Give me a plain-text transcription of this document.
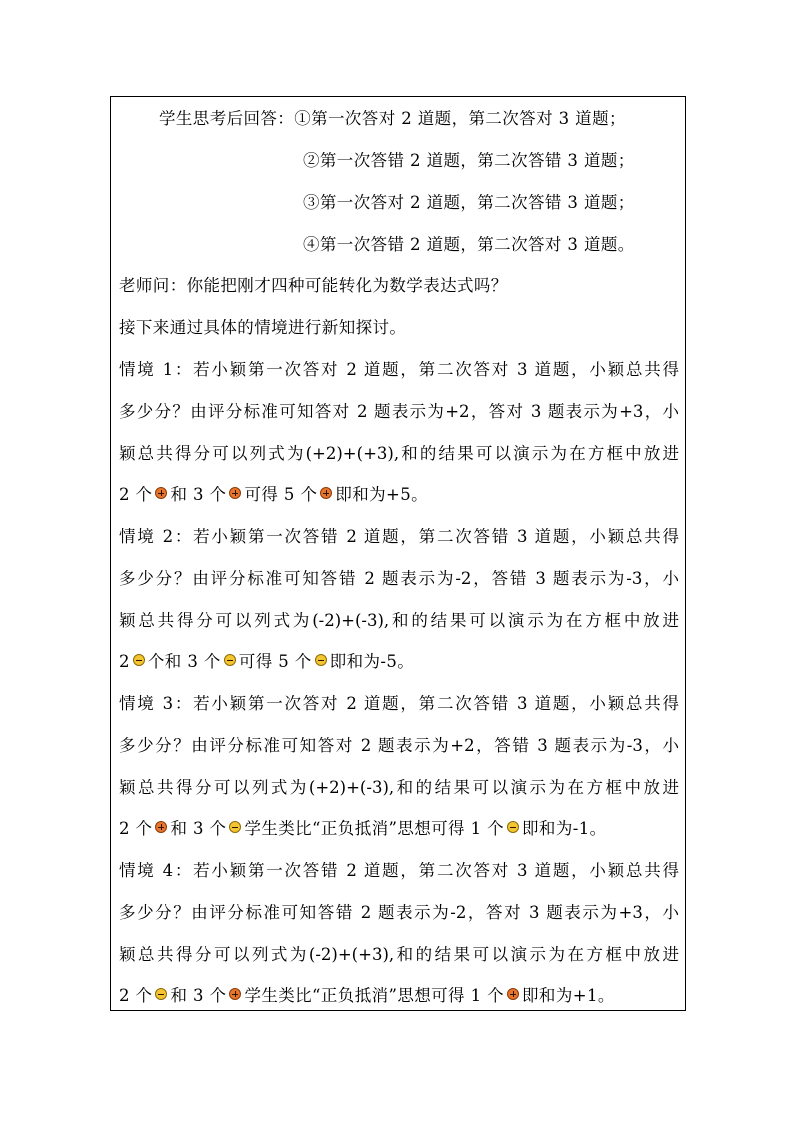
学生思考后回答：①第一次答对 2 道题，第二次答对 3 道题；
②第一次答错 2 道题，第二次答错 3 道题；
③第一次答对 2 道题，第二次答错 3 道题；
④第一次答错 2 道题，第二次答对 3 道题。
老师问：你能把刚才四种可能转化为数学表达式吗？
接下来通过具体的情境进行新知探讨。
情境 1：若小颖第一次答对 2 道题，第二次答对 3 道题，小颖总共得
多少分？由评分标准可知答对 2 题表示为+2，答对 3 题表示为+3，小
颖总共得分可以列式为(+2)+(+3),和的结果可以演示为在方框中放进
2 个 和 3 个 可得 5 个 即和为+5。
情境 2：若小颖第一次答错 2 道题，第二次答错 3 道题，小颖总共得
多少分？由评分标准可知答错 2 题表示为-2，答错 3 题表示为-3，小
颖总共得分可以列式为(-2)+(-3),和的结果可以演示为在方框中放进
2 个和 3 个 可得 5 个 即和为-5。
情境 3：若小颖第一次答对 2 道题，第二次答错 3 道题，小颖总共得
多少分？由评分标准可知答对 2 题表示为+2，答错 3 题表示为-3，小
颖总共得分可以列式为(+2)+(-3),和的结果可以演示为在方框中放进
2 个 和 3 个 学生类比“正负抵消”思想可得 1 个 即和为-1。
情境 4：若小颖第一次答错 2 道题，第二次答对 3 道题，小颖总共得
多少分？由评分标准可知答错 2 题表示为-2，答对 3 题表示为+3，小
颖总共得分可以列式为(-2)+(+3),和的结果可以演示为在方框中放进
2 个 和 3 个 学生类比“正负抵消”思想可得 1 个 即和为+1。
